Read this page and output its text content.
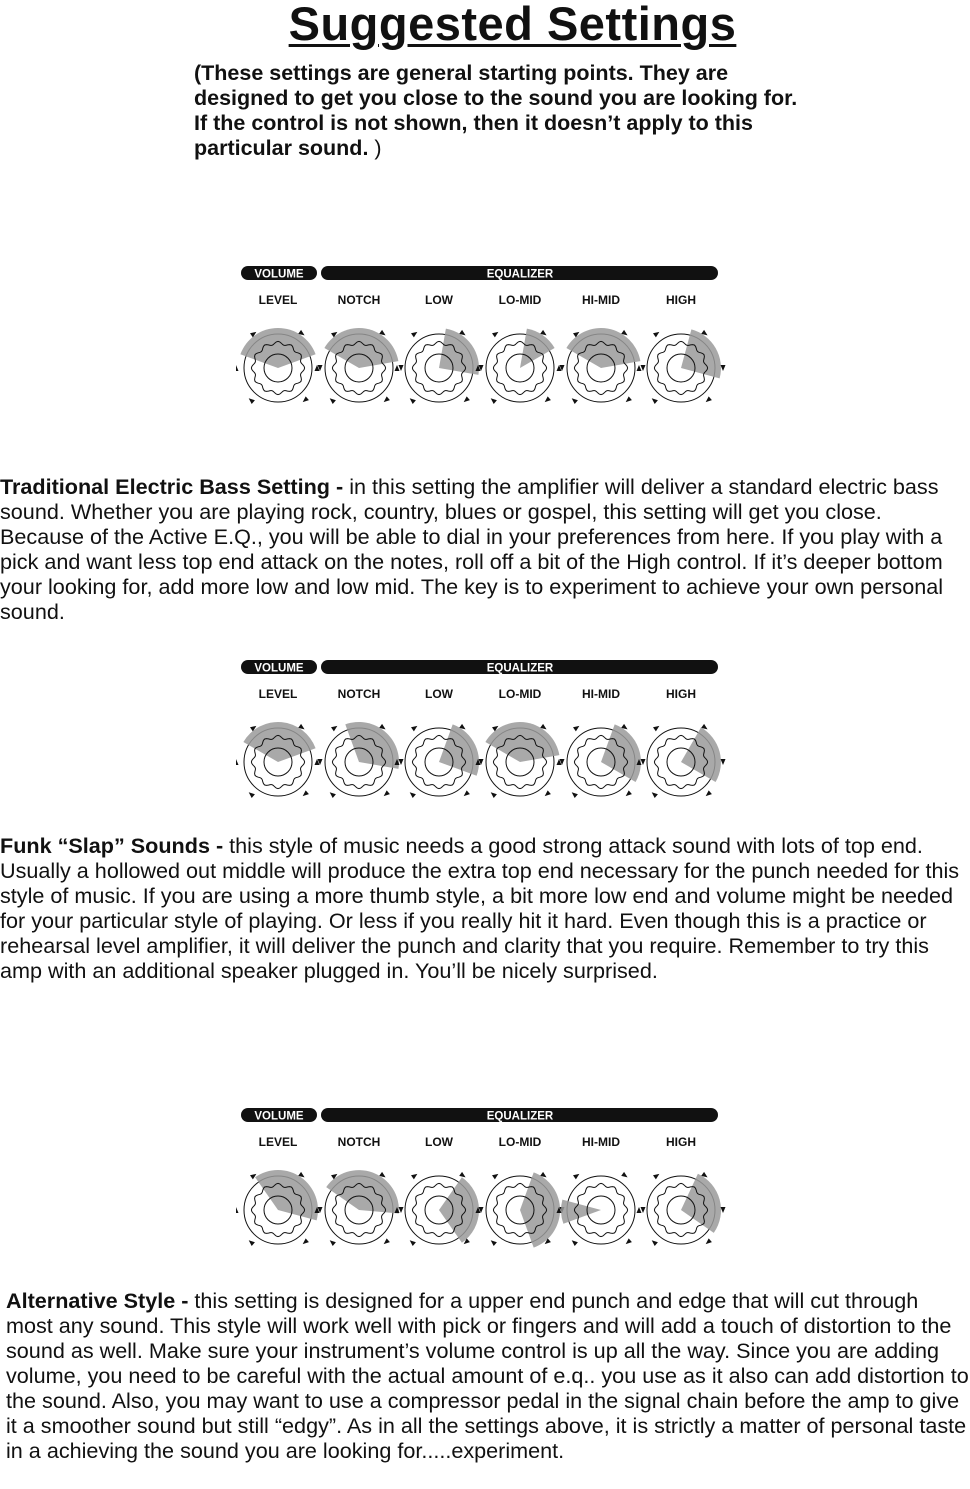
Suggested Settings
(These settings are general starting points. They are designed to get you close to the sound you are looking for. If the control is not shown, then it doesn’t apply to this particular sound. )
VOLUME	EQUALIZER
LEVEL	NOTCH	LOW	LO-MID	HI-MID	HIGH
Traditional Electric Bass Setting - in this setting the amplifier will deliver a standard electric bass sound. Whether you are playing rock, country, blues or gospel, this setting will get you close. Because of the Active E.Q., you will be able to dial in your preferences from here. If you play with a pick and want less top end attack on the notes, roll off a bit of the High control. If it’s deeper bottom your looking for, add more low and low mid. The key is to experiment to achieve your own personal sound.
VOLUME	EQUALIZER
LEVEL	NOTCH	LOW	LO-MID	HI-MID	HIGH
Funk “Slap” Sounds - this style of music needs a good strong attack sound with lots of top end. Usually a hollowed out middle will produce the extra top end necessary for the punch needed for this style of music. If you are using a more thumb style, a bit more low end and volume might be needed for your particular style of playing. Or less if you really hit it hard. Even though this is a practice or rehearsal level amplifier, it will deliver the punch and clarity that you require. Remember to try this amp with an additional speaker plugged in. You’ll be nicely surprised.
VOLUME	EQUALIZER
LEVEL	NOTCH	LOW	LO-MID	HI-MID	HIGH
Alternative Style - this setting is designed for a upper end punch and edge that will cut through most any sound. This style will work well with pick or fingers and will add a touch of distortion to the sound as well. Make sure your instrument’s volume control is up all the way. Since you are adding volume, you need to be careful with the actual amount of e.q.. you use as it also can add distortion to the sound. Also, you may want to use a compressor pedal in the signal chain before the amp to give it a smoother sound but still “edgy”. As in all the settings above, it is strictly a matter of personal taste in a achieving the sound you are looking for.....experiment.
